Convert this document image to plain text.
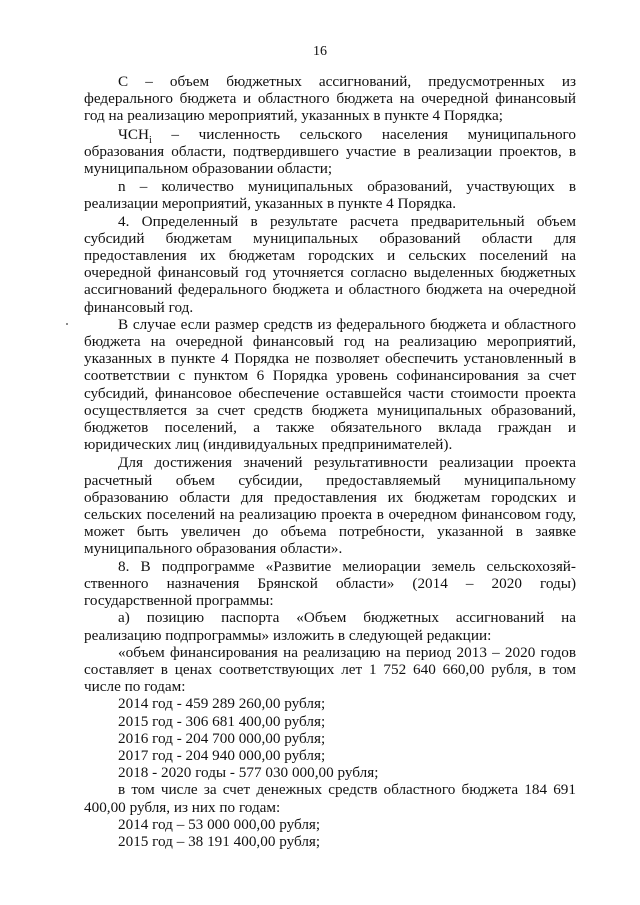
16

С – объем бюджетных ассигнований, предусмотренных из федерального бюджета и областного бюджета на очередной финансовый год на реализацию мероприятий, указанных в пункте 4 Порядка;

$ЧСН_i$ – численность сельского населения муниципального образования области, подтвердившего участие в реализации проектов, в муниципальном образовании области;

n – количество муниципальных образований, участвующих в реализации мероприятий, указанных в пункте 4 Порядка.

4. Определенный в результате расчета предварительный объем субсидий бюджетам муниципальных образований области для предоставления их бюджетам городских и сельских поселений на очередной финансовый год уточняется согласно выделенных бюджетных ассигнований федерального бюджета и областного бюджета на очередной финансовый год.

В случае если размер средств из федерального бюджета и областного бюджета на очередной финансовый год на реализацию мероприятий, указанных в пункте 4 Порядка не позволяет обеспечить установленный в соответствии с пунктом 6 Порядка уровень софинансирования за счет субсидий, финансовое обеспечение оставшейся части стоимости проекта осуществляется за счет средств бюджета муниципальных образований, бюджетов поселений, а также обязательного вклада граждан и юридических лиц (индивидуальных предпринимателей).

Для достижения значений результативности реализации проекта расчетный объем субсидии, предоставляемый муниципальному образованию области для предоставления их бюджетам городских и сельских поселений на реализацию проекта в очередном финансовом году, может быть увеличен до объема потребности, указанной в заявке муниципального образования области».

8. В подпрограмме «Развитие мелиорации земель сельскохозяй-ственного назначения Брянской области» (2014 – 2020 годы) государственной программы:

а) позицию паспорта «Объем бюджетных ассигнований на реализацию подпрограммы» изложить в следующей редакции:

«объем финансирования на реализацию на период 2013 – 2020 годов составляет в ценах соответствующих лет 1 752 640 660,00 рубля, в том числе по годам:

2014 год - 459 289 260,00 рубля;

2015 год - 306 681 400,00 рубля;

2016 год - 204 700 000,00 рубля;

2017 год - 204 940 000,00 рубля;

2018 - 2020 годы - 577 030 000,00 рубля;

в том числе за счет денежных средств областного бюджета 184 691 400,00 рубля, из них по годам:

2014 год – 53 000 000,00 рубля;

2015 год – 38 191 400,00 рубля;
